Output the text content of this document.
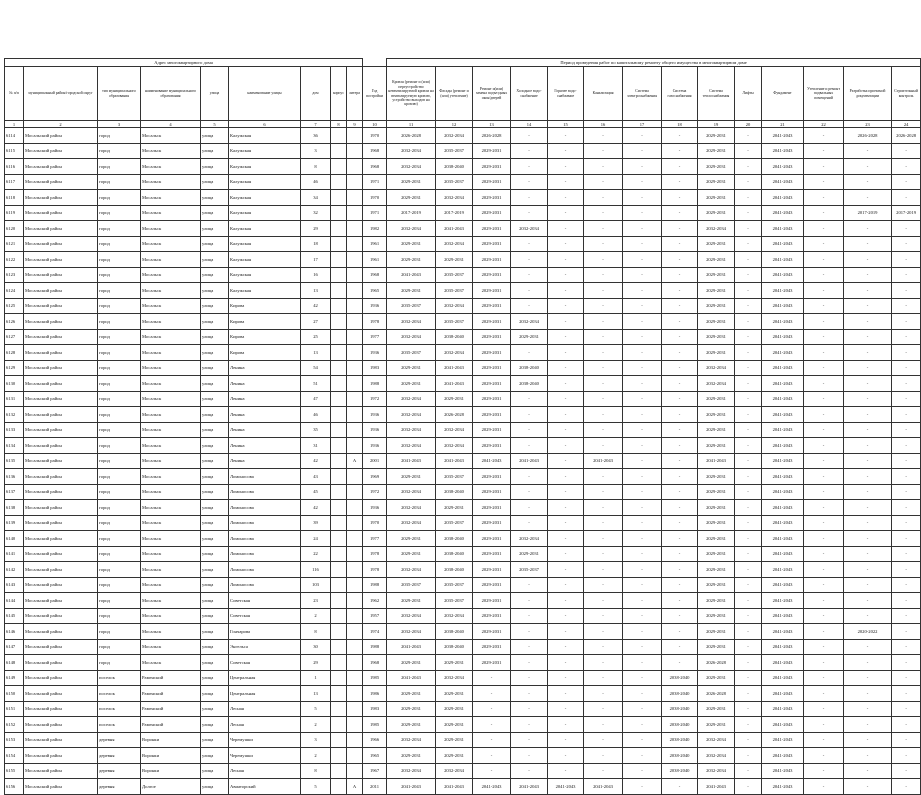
Адрес многоквартирного дома										Период проведения работ по капитальному ремонту общего имущества в многоквартирном доме													
№ п/п	муниципальный район/городской округ	тип муниципального образования	наименование муниципального образования	улица	наименование улицы	дом	корпус	литера	Год постройки	Кровля (ремонт и (или) переустройство невентилируемой кровли на вентилируемую кровлю, устройство выходов на кровлю)	Фасады (ремонт и (или) утепление)	Ремонт и(или) замена подъездных окон/дверей	Холодное водо-снабжение	Горячее водо-снабжение	Канализация	Система электроснабжения	Система газоснабжения	Система теплоснабжения	Лифты	Фундамент	Утепление и ремонт подвальных помещений	Разработка проектной документации	Строительный контроль
1	2	3	4	5	6	7	8	9	10	11	12	13	14	15	16	17	18	19	20	21	22	23	24
6114	Мосальский район	город	Мосальск	улица	Калужская	36			1970	2026-2028	2032-2034	2026-2028	-	-	-	-	-	2029-2031	-	2041-2043	-	2026-2028	2026-2028
6115	Мосальский район	город	Мосальск	улица	Калужская	3			1968	2032-2034	2035-2037	2029-2031	-	-	-	-	-	2029-2031	-	2041-2043	-	-	-
6116	Мосальский район	город	Мосальск	улица	Калужская	8			1968	2032-2034	2038-2040	2029-2031	-	-	-	-	-	2029-2031	-	2041-2043	-	-	-
6117	Мосальский район	город	Мосальск	улица	Калужская	46			1971	2029-2031	2035-2037	2029-2031	-	-	-	-	-	2029-2031	-	2041-2043	-	-	-
6118	Мосальский район	город	Мосальск	улица	Калужская	34			1970	2029-2031	2032-2034	2029-2031	-	-	-	-	-	2029-2031	-	2041-2043	-	-	-
6119	Мосальский район	город	Мосальск	улица	Калужская	32			1971	2017-2019	2017-2019	2029-2031	-	-	-	-	-	2029-2031	-	2041-2043	-	2017-2019	2017-2019
6120	Мосальский район	город	Мосальск	улица	Калужская	29			1982	2032-2034	2041-2043	2029-2031	2032-2034	-	-	-	-	2032-2034	-	2041-2043	-	-	-
6121	Мосальский район	город	Мосальск	улица	Калужская	18			1961	2029-2031	2032-2034	2029-2031	-	-	-	-	-	2029-2031	-	2041-2043	-	-	-
6122	Мосальский район	город	Мосальск	улица	Калужская	17			1961	2029-2031	2029-2031	2029-2031	-	-	-	-	-	2029-2031	-	2041-2043	-	-	-
6123	Мосальский район	город	Мосальск	улица	Калужская	16			1968	2041-2043	2035-2037	2029-2031	-	-	-	-	-	2029-2031	-	2041-2043	-	-	-
6124	Мосальский район	город	Мосальск	улица	Калужская	13			1965	2029-2031	2035-2037	2029-2031	-	-	-	-	-	2029-2031	-	2041-2043	-	-	-
6125	Мосальский район	город	Мосальск	улица	Кирова	42			1936	2035-2037	2032-2034	2029-2031	-	-	-	-	-	2029-2031	-	2041-2043	-	-	-
6126	Мосальский район	город	Мосальск	улица	Кирова	27			1978	2032-2034	2035-2037	2029-2031	2032-2034	-	-	-	-	2029-2031	-	2041-2043	-	-	-
6127	Мосальский район	город	Мосальск	улица	Кирова	25			1977	2032-2034	2038-2040	2029-2031	2029-2031	-	-	-	-	2029-2031	-	2041-2043	-	-	-
6128	Мосальский район	город	Мосальск	улица	Кирова	13			1936	2035-2037	2032-2034	2029-2031	-	-	-	-	-	2029-2031	-	2041-2043	-	-	-
6129	Мосальский район	город	Мосальск	улица	Ленина	54			1983	2029-2031	2041-2043	2029-2031	2038-2040	-	-	-	-	2032-2034	-	2041-2043	-	-	-
6130	Мосальский район	город	Мосальск	улица	Ленина	51			1988	2029-2031	2041-2043	2029-2031	2038-2040	-	-	-	-	2032-2034	-	2041-2043	-	-	-
6131	Мосальский район	город	Мосальск	улица	Ленина	47			1972	2032-2034	2029-2031	2029-2031	-	-	-	-	-	2029-2031	-	2041-2043	-	-	-
6132	Мосальский район	город	Мосальск	улица	Ленина	46			1936	2032-2034	2026-2028	2029-2031	-	-	-	-	-	2029-2031	-	2041-2043	-	-	-
6133	Мосальский район	город	Мосальск	улица	Ленина	35			1936	2032-2034	2032-2034	2029-2031	-	-	-	-	-	2029-2031	-	2041-2043	-	-	-
6134	Мосальский район	город	Мосальск	улица	Ленина	31			1936	2032-2034	2032-2034	2029-2031	-	-	-	-	-	2029-2031	-	2041-2043	-	-	-
6135	Мосальский район	город	Мосальск	улица	Ленина	42		А	2001	2041-2043	2041-2043	2041-2043	2041-2043	-	2041-2043	-	-	2041-2043	-	2041-2043	-	-	-
6136	Мосальский район	город	Мосальск	улица	Ломоносова	43			1969	2029-2031	2035-2037	2029-2031	-	-	-	-	-	2029-2031	-	2041-2043	-	-	-
6137	Мосальский район	город	Мосальск	улица	Ломоносова	45			1972	2032-2034	2038-2040	2029-2031	-	-	-	-	-	2029-2031	-	2041-2043	-	-	-
6138	Мосальский район	город	Мосальск	улица	Ломоносова	42			1936	2032-2034	2029-2031	2029-2031	-	-	-	-	-	2029-2031	-	2041-2043	-	-	-
6139	Мосальский район	город	Мосальск	улица	Ломоносова	39			1970	2032-2034	2035-2037	2029-2031	-	-	-	-	-	2029-2031	-	2041-2043	-	-	-
6140	Мосальский район	город	Мосальск	улица	Ломоносова	24			1977	2029-2031	2038-2040	2029-2031	2032-2034	-	-	-	-	2029-2031	-	2041-2043	-	-	-
6141	Мосальский район	город	Мосальск	улица	Ломоносова	22			1978	2029-2031	2038-2040	2029-2031	2029-2031	-	-	-	-	2029-2031	-	2041-2043	-	-	-
6142	Мосальский район	город	Мосальск	улица	Ломоносова	116			1978	2032-2034	2038-2040	2029-2031	2035-2037	-	-	-	-	2029-2031	-	2041-2043	-	-	-
6143	Мосальский район	город	Мосальск	улица	Ломоносова	103			1988	2035-2037	2035-2037	2029-2031	-	-	-	-	-	2029-2031	-	2041-2043	-	-	-
6144	Мосальский район	город	Мосальск	улица	Советская	23			1962	2029-2031	2035-2037	2029-2031	-	-	-	-	-	2029-2031	-	2041-2043	-	-	-
6145	Мосальский район	город	Мосальск	улица	Советская	2			1957	2032-2034	2032-2034	2029-2031	-	-	-	-	-	2029-2031	-	2041-2043	-	-	-
6146	Мосальский район	город	Мосальск	улица	Гончарова	8			1974	2032-2034	2038-2040	2029-2031	-	-	-	-	-	2029-2031	-	2041-2043	-	2020-2022	-
6147	Мосальский район	город	Мосальск	улица	Энгельса	30			1988	2041-2043	2038-2040	2029-2031	-	-	-	-	-	2029-2031	-	2041-2043	-	-	-
6148	Мосальский район	город	Мосальск	улица	Советская	29			1968	2029-2031	2029-2031	2029-2031	-	-	-	-	-	2026-2028	-	2041-2043	-	-	-
6149	Мосальский район	поселок	Раменский	улица	Центральная	1			1985	2041-2043	2032-2034	-	-	-	-	-	2038-2040	2029-2031	-	2041-2043	-	-	-
6150	Мосальский район	поселок	Раменский	улица	Центральная	13			1986	2029-2031	2029-2031	-	-	-	-	-	2038-2040	2026-2028	-	2041-2043	-	-	-
6151	Мосальский район	поселок	Раменский	улица	Лесная	5			1983	2029-2031	2029-2031	-	-	-	-	-	2038-2040	2029-2031	-	2041-2043	-	-	-
6152	Мосальский район	поселок	Раменский	улица	Лесная	2			1985	2029-2031	2029-2031	-	-	-	-	-	2038-2040	2029-2031	-	2041-2043	-	-	-
6153	Мосальский район	деревня	Воронки	улица	Черемушки	3			1966	2032-2034	2029-2031	-	-	-	-	-	2038-2040	2032-2034	-	2041-2043	-	-	-
6154	Мосальский район	деревня	Воронки	улица	Черемушки	2			1965	2029-2031	2029-2031	-	-	-	-	-	2038-2040	2032-2034	-	2041-2043	-	-	-
6155	Мосальский район	деревня	Воронки	улица	Лесная	8			1967	2032-2034	2032-2034	-	-	-	-	-	2038-2040	2032-2034	-	2041-2043	-	-	-
6156	Мосальский район	деревня	Долгое	улица	Авиаторский	5		А	2011	2041-2043	2041-2043	2041-2043	2041-2043	2041-2043	2041-2043	-	-	2041-2043	-	2041-2043	-	-	-
